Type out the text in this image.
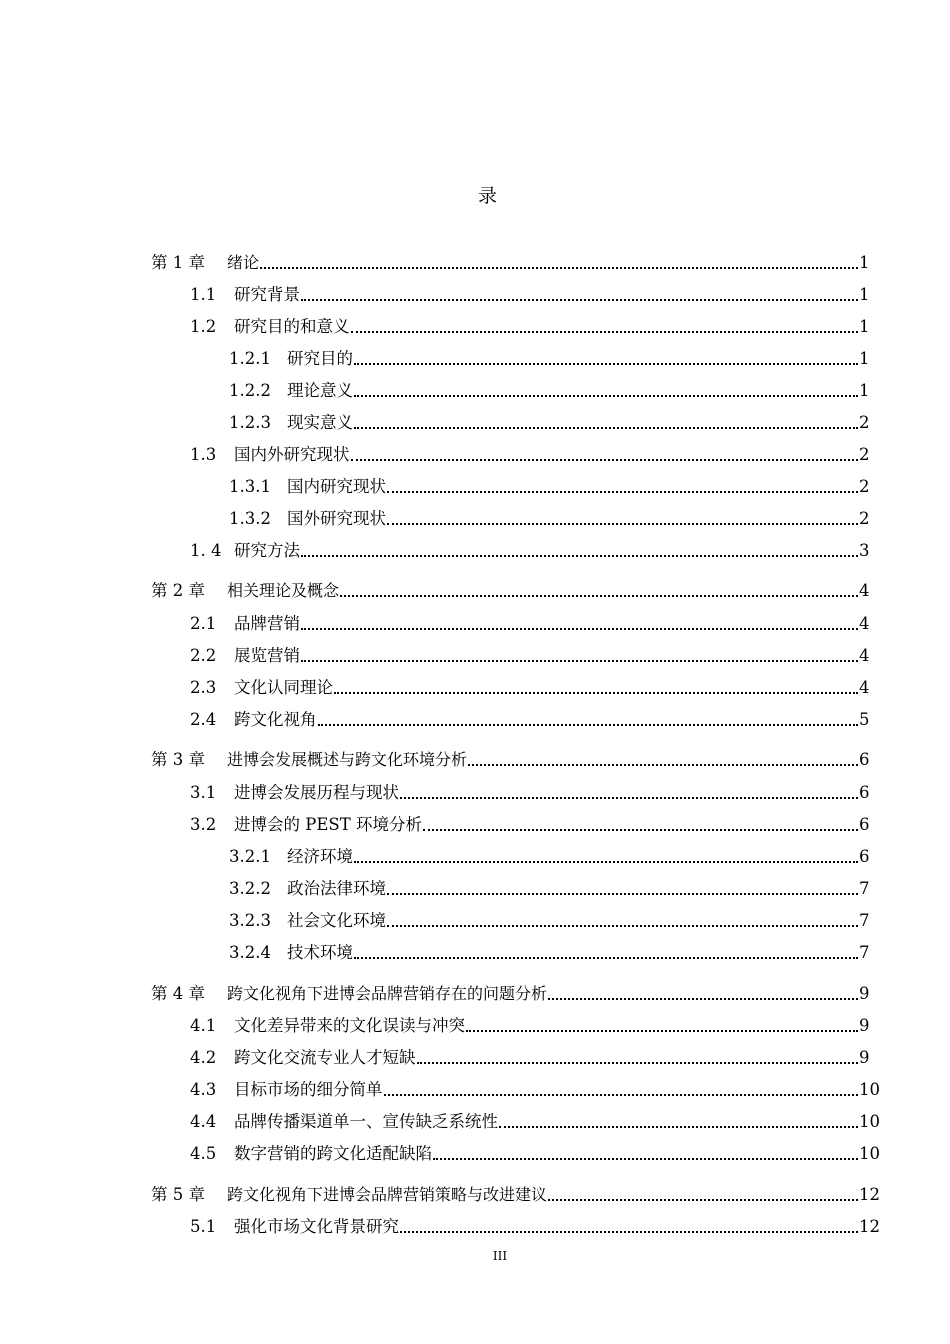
录
第 1 章	绪论	1
1.1	研究背景	1
1.2	研究目的和意义	1
1.2.1 研究目的	1
1.2.2 理论意义	1
1.2.3 现实意义	2
1.3	国内外研究现状	2
1.3.1 国内研究现状	2
1.3.2 国外研究现状	2
1. 4 研究方法	3
第 2 章	相关理论及概念	4
2.1	品牌营销	4
2.2	展览营销	4
2.3	文化认同理论	4
2.4	跨文化视角	5
第 3 章	进博会发展概述与跨文化环境分析	6
3.1	进博会发展历程与现状	6
3.2	进博会的 PEST 环境分析	6
3.2.1 经济环境	6
3.2.2 政治法律环境	7
3.2.3 社会文化环境	7
3.2.4 技术环境	7
第 4 章	跨文化视角下进博会品牌营销存在的问题分析	9
4.1	文化差异带来的文化误读与冲突	9
4.2	跨文化交流专业人才短缺	9
4.3	目标市场的细分简单	10
4.4	品牌传播渠道单一、宣传缺乏系统性	10
4.5	数字营销的跨文化适配缺陷	10
第 5 章	跨文化视角下进博会品牌营销策略与改进建议	12
5.1	强化市场文化背景研究	12
III
